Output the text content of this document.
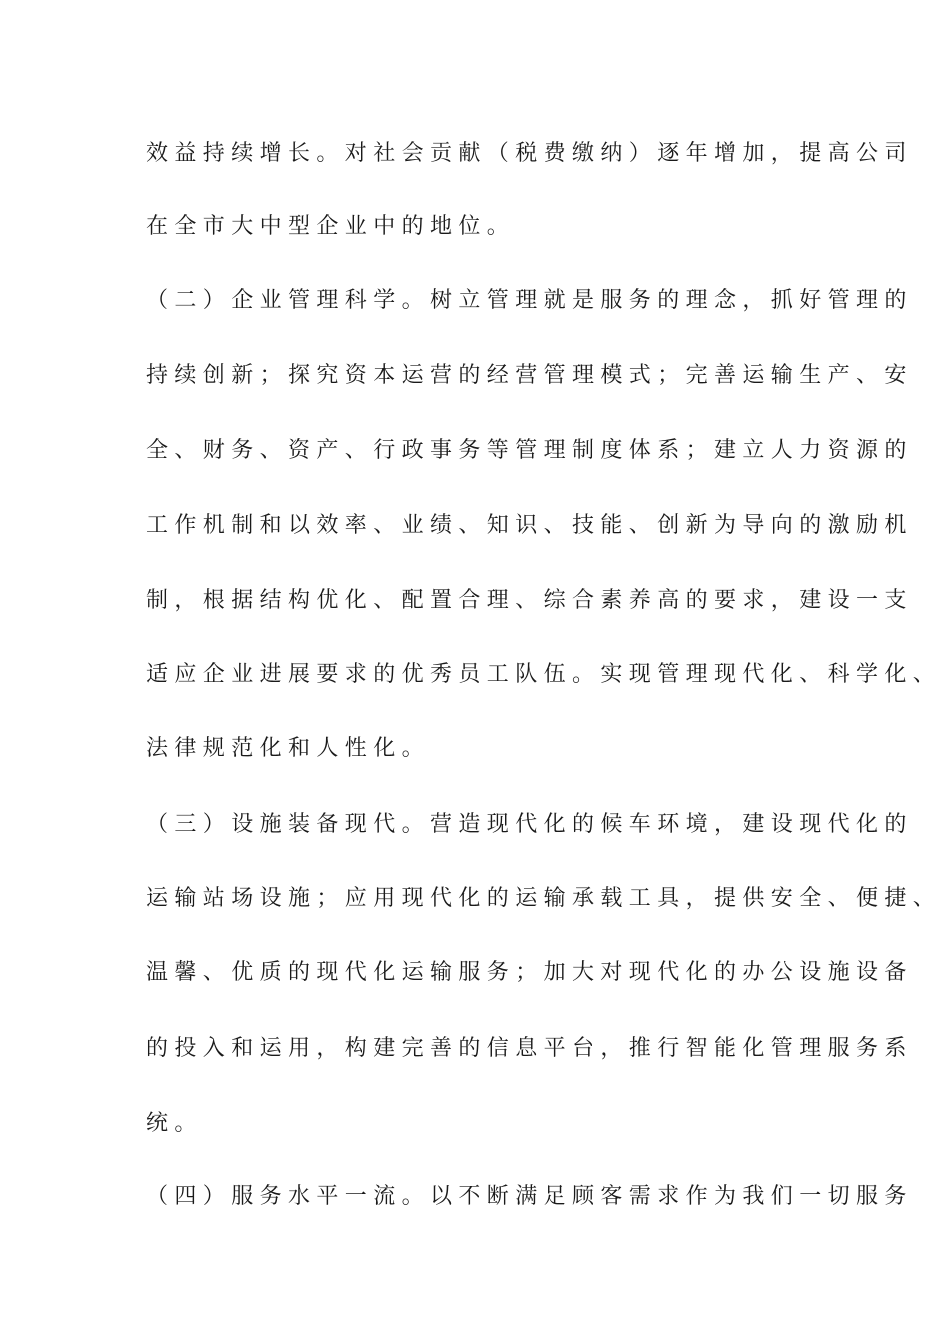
效益持续增长。对社会贡献（税费缴纳）逐年增加，提高公司
在全市大中型企业中的地位。
（二）企业管理科学。树立管理就是服务的理念，抓好管理的
持续创新；探究资本运营的经营管理模式；完善运输生产、安
全、财务、资产、行政事务等管理制度体系；建立人力资源的
工作机制和以效率、业绩、知识、技能、创新为导向的激励机
制，根据结构优化、配置合理、综合素养高的要求，建设一支
适应企业进展要求的优秀员工队伍。实现管理现代化、科学化、
法律规范化和人性化。
（三）设施装备现代。营造现代化的候车环境，建设现代化的
运输站场设施；应用现代化的运输承载工具，提供安全、便捷、
温馨、优质的现代化运输服务；加大对现代化的办公设施设备
的投入和运用，构建完善的信息平台，推行智能化管理服务系
统。
（四）服务水平一流。以不断满足顾客需求作为我们一切服务
